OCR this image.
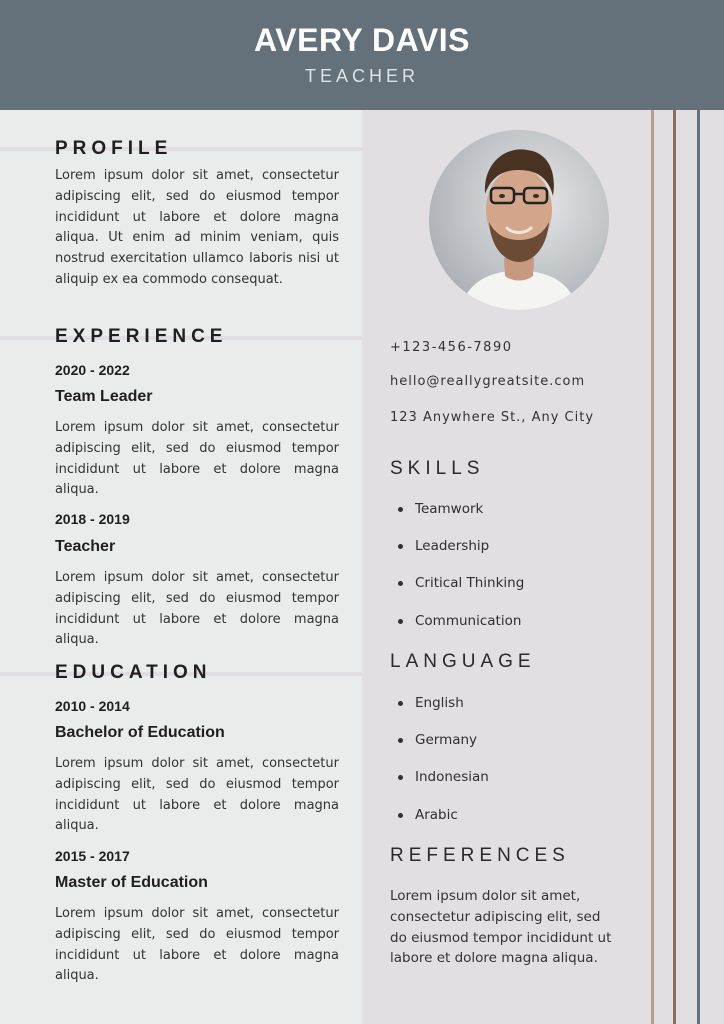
AVERY DAVIS
TEACHER
PROFILE
Lorem ipsum dolor sit amet, consectetur adipiscing elit, sed do eiusmod tempor incididunt ut labore et dolore magna aliqua. Ut enim ad minim veniam, quis nostrud exercitation ullamco laboris nisi ut aliquip ex ea commodo consequat.
EXPERIENCE
2020 - 2022
Team Leader
Lorem ipsum dolor sit amet, consectetur adipiscing elit, sed do eiusmod tempor incididunt ut labore et dolore magna aliqua.
2018 - 2019
Teacher
Lorem ipsum dolor sit amet, consectetur adipiscing elit, sed do eiusmod tempor incididunt ut labore et dolore magna aliqua.
EDUCATION
2010 - 2014
Bachelor of Education
Lorem ipsum dolor sit amet, consectetur adipiscing elit, sed do eiusmod tempor incididunt ut labore et dolore magna aliqua.
2015 - 2017
Master of Education
Lorem ipsum dolor sit amet, consectetur adipiscing elit, sed do eiusmod tempor incididunt ut labore et dolore magna aliqua.
+123-456-7890
hello@reallygreatsite.com
123 Anywhere St., Any City
SKILLS
Teamwork
Leadership
Critical Thinking
Communication
LANGUAGE
English
Germany
Indonesian
Arabic
REFERENCES
Lorem ipsum dolor sit amet, consectetur adipiscing elit, sed do eiusmod tempor incididunt ut labore et dolore magna aliqua.
